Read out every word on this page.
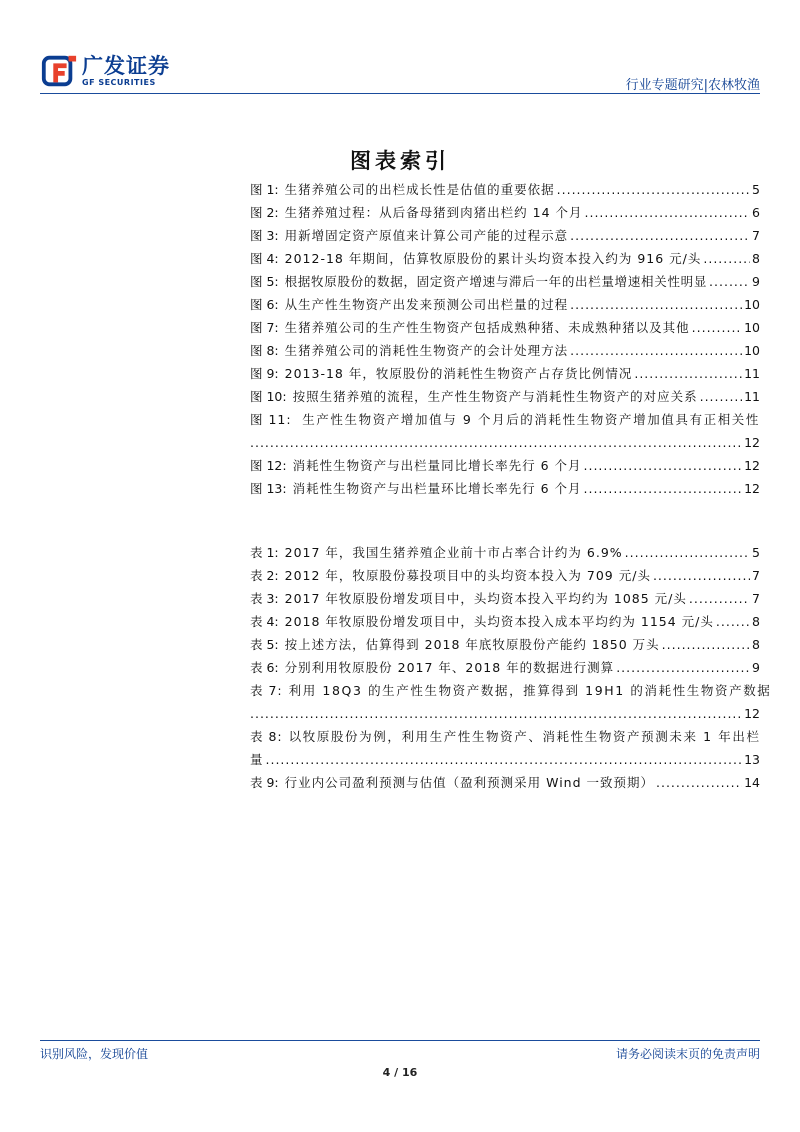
广发证券
GF SECURITIES	行业专题研究|农林牧渔
图表索引
图 1: 生猪养殖公司的出栏成长性是估值的重要依据 .....	5
图 2: 生猪养殖过程：从后备母猪到肉猪出栏约 14 个月 .....	6
图 3: 用新增固定资产原值来计算公司产能的过程示意 .....	7
图 4: 2012-18 年期间，估算牧原股份的累计头均资本投入约为 916 元/头 .....	8
图 5: 根据牧原股份的数据，固定资产增速与滞后一年的出栏量增速相关性明显 .....	9
图 6: 从生产性生物资产出发来预测公司出栏量的过程 .....	10
图 7: 生猪养殖公司的生产性生物资产包括成熟种猪、未成熟种猪以及其他 .....	10
图 8: 生猪养殖公司的消耗性生物资产的会计处理方法 .....	10
图 9: 2013-18 年，牧原股份的消耗性生物资产占存货比例情况 .....	11
图 10: 按照生猪养殖的流程，生产性生物资产与消耗性生物资产的对应关系 .....	11
图 11: 生产性生物资产增加值与 9 个月后的消耗性生物资产增加值具有正相关性
.....
12
图 12: 消耗性生物资产与出栏量同比增长率先行 6 个月 .....	12
图 13: 消耗性生物资产与出栏量环比增长率先行 6 个月 .....	12
表 1: 2017 年，我国生猪养殖企业前十市占率合计约为 6.9% .....	5
表 2: 2012 年，牧原股份募投项目中的头均资本投入为 709 元/头 .....	7
表 3: 2017 年牧原股份增发项目中，头均资本投入平均约为 1085 元/头 .....	7
表 4: 2018 年牧原股份增发项目中，头均资本投入成本平均约为 1154 元/头 .....	8
表 5: 按上述方法，估算得到 2018 年底牧原股份产能约 1850 万头 .....	8
表 6: 分别利用牧原股份 2017 年、2018 年的数据进行测算 .....	9
表 7: 利用 18Q3 的生产性生物资产数据，推算得到 19H1 的消耗性生物资产数据
.....
12
表 8: 以牧原股份为例，利用生产性生物资产、消耗性生物资产预测未来 1 年出栏
量 .....	13
表 9: 行业内公司盈利预测与估值（盈利预测采用 Wind 一致预期） .....	14
识别风险，发现价值	请务必阅读末页的免责声明
4 / 16
